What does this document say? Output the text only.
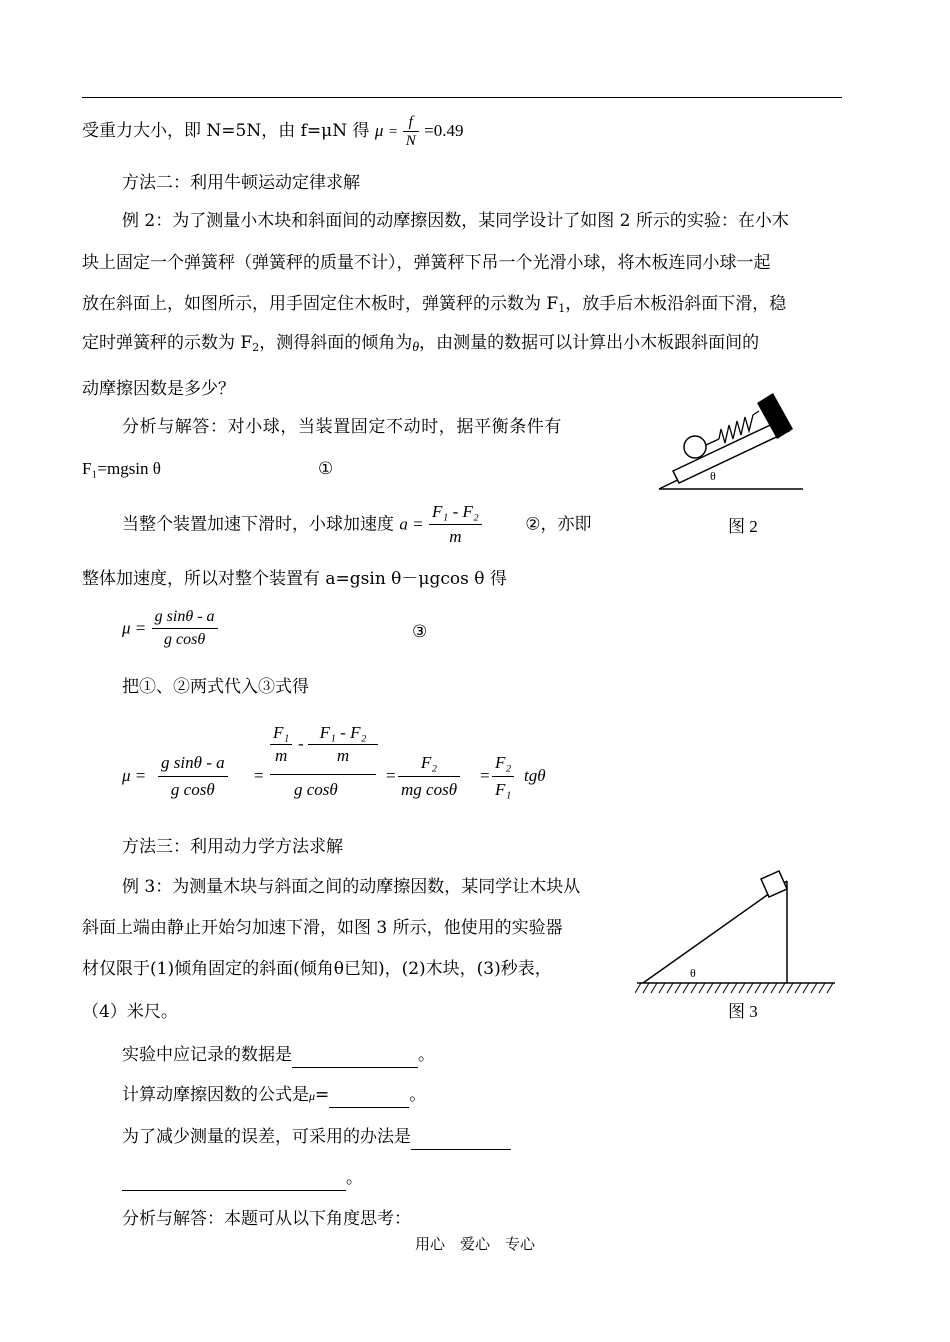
受重力大小，即 N=5N，由 f=μN 得 $\mu = \frac{f}{N} =0.49$
方法二：利用牛顿运动定律求解
例 2：为了测量小木块和斜面间的动摩擦因数，某同学设计了如图 2 所示的实验：在小木
块上固定一个弹簧秤（弹簧秤的质量不计），弹簧秤下吊一个光滑小球，将木板连同小球一起
放在斜面上，如图所示，用手固定住木板时，弹簧秤的示数为 $F_1$，放手后木板沿斜面下滑，稳
定时弹簧秤的示数为 $F_2$，测得斜面的倾角为θ，由测量的数据可以计算出小木板跟斜面间的
动摩擦因数是多少？
分析与解答：对小球，当装置固定不动时，据平衡条件有
F₁=mgsin θ	①
当整个装置加速下滑时，小球加速度 $a = \frac{\text{F₁ - F₂}}{m}$	②，亦即
整体加速度，所以对整个装置有 a=gsin θ－μgcos θ 得
$\mu = \frac{\text{g sinθ - a}}{\text{g cosθ}}$	③
把①、②两式代入③式得
$\mu = \frac{\text{g sinθ - a}}{\text{g cosθ}}$ =
$\frac{\text{F₁}}{m} - \frac{\text{F₁ - F₂}}{m}$
g cosθ
= $\frac{\text{F₂}}{\text{mg cosθ}} = \frac{\text{F₂}}{\text{F₁}}$ tgθ
方法三：利用动力学方法求解
例 3：为测量木块与斜面之间的动摩擦因数，某同学让木块从
斜面上端由静止开始匀加速下滑，如图 3 所示，他使用的实验器
材仅限于(1)倾角固定的斜面(倾角θ已知)，(2)木块，(3)秒表，
（4）米尺。
实验中应记录的数据是	。
计算动摩擦因数的公式是μ=	。
为了减少测量的误差，可采用的办法是
。
分析与解答：本题可从以下角度思考：
θ
图 2
θ
图 3
用心　爱心　专心
